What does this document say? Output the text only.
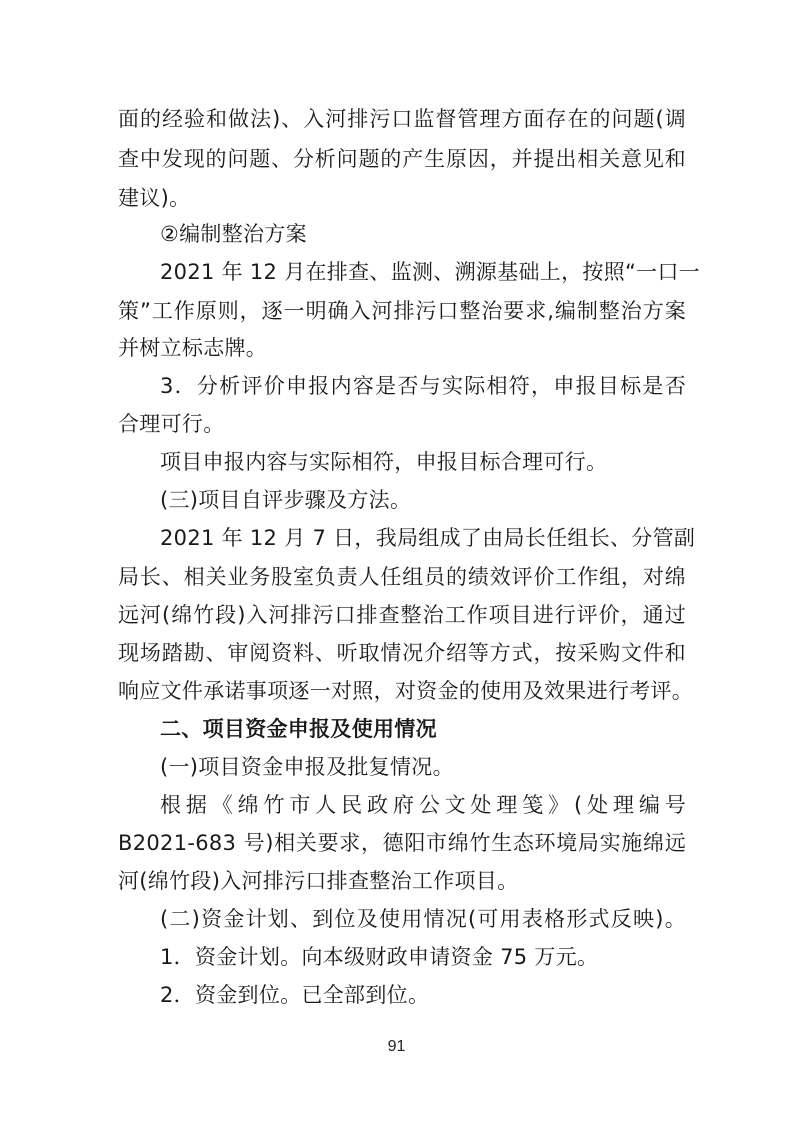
面的经验和做法)、入河排污口监督管理方面存在的问题(调
查中发现的问题、分析问题的产生原因，并提出相关意见和
建议)。
②编制整治方案
2021 年 12 月在排查、监测、溯源基础上，按照“一口一
策”工作原则，逐一明确入河排污口整治要求,编制整治方案
并树立标志牌。
3．分析评价申报内容是否与实际相符，申报目标是否
合理可行。
项目申报内容与实际相符，申报目标合理可行。
(三)项目自评步骤及方法。
2021 年 12 月 7 日，我局组成了由局长任组长、分管副
局长、相关业务股室负责人任组员的绩效评价工作组，对绵
远河(绵竹段)入河排污口排查整治工作项目进行评价，通过
现场踏勘、审阅资料、听取情况介绍等方式，按采购文件和
响应文件承诺事项逐一对照，对资金的使用及效果进行考评。
二、项目资金申报及使用情况
(一)项目资金申报及批复情况。
根据《绵竹市人民政府公文处理笺》(处理编号
B2021-683 号)相关要求，德阳市绵竹生态环境局实施绵远
河(绵竹段)入河排污口排查整治工作项目。
(二)资金计划、到位及使用情况(可用表格形式反映)。
1．资金计划。向本级财政申请资金 75 万元。
2．资金到位。已全部到位。
91
